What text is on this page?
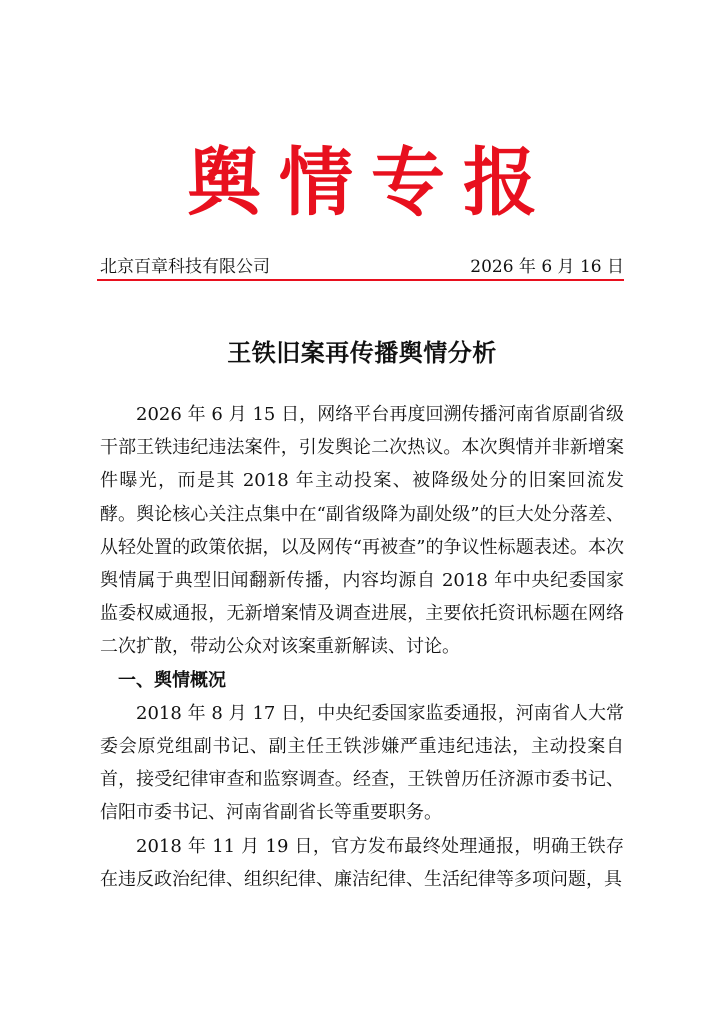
舆情专报
北京百章科技有限公司	2026 年 6 月 16 日
王铁旧案再传播舆情分析

2026 年 6 月 15 日，网络平台再度回溯传播河南省原副省级干部王铁违纪违法案件，引发舆论二次热议。本次舆情并非新增案件曝光，而是其 2018 年主动投案、被降级处分的旧案回流发酵。舆论核心关注点集中在“副省级降为副处级”的巨大处分落差、从轻处置的政策依据，以及网传“再被查”的争议性标题表述。本次舆情属于典型旧闻翻新传播，内容均源自 2018 年中央纪委国家监委权威通报，无新增案情及调查进展，主要依托资讯标题在网络二次扩散，带动公众对该案重新解读、讨论。

一、舆情概况

2018 年 8 月 17 日，中央纪委国家监委通报，河南省人大常委会原党组副书记、副主任王铁涉嫌严重违纪违法，主动投案自首，接受纪律审查和监察调查。经查，王铁曾历任济源市委书记、信阳市委书记、河南省副省长等重要职务。

2018 年 11 月 19 日，官方发布最终处理通报，明确王铁存在违反政治纪律、组织纪律、廉洁纪律、生活纪律等多项问题，具
